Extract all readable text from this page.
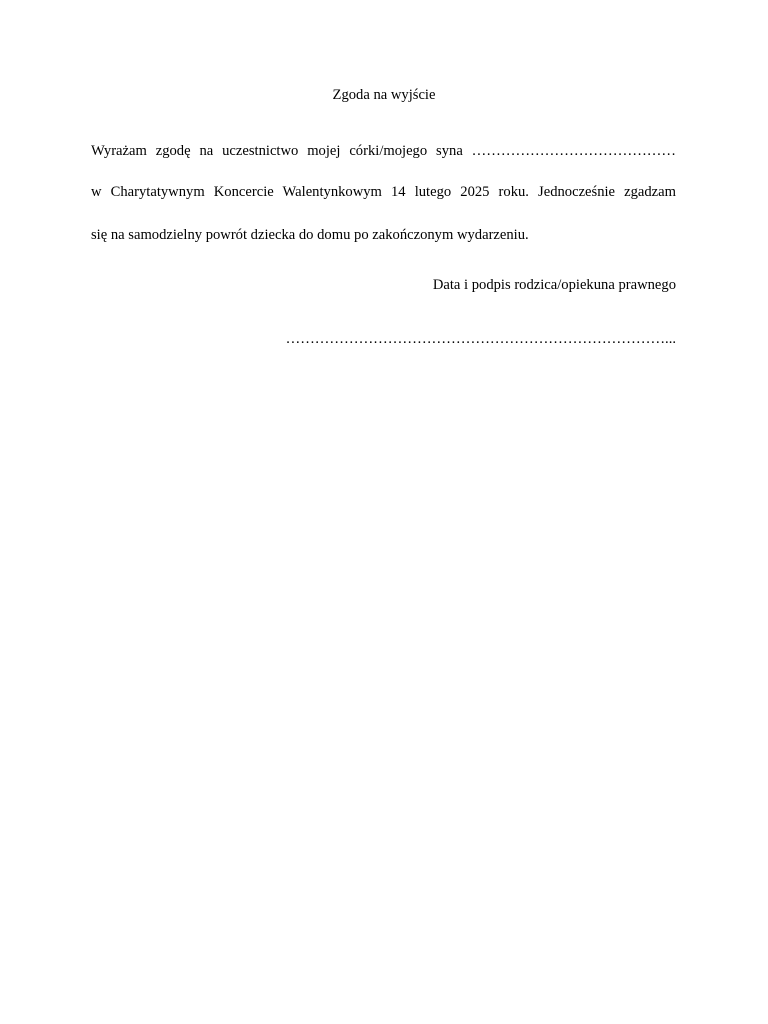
Zgoda na wyjście
Wyrażam zgodę na uczestnictwo mojej córki/mojego syna ……………………………………
w Charytatywnym Koncercie Walentynkowym 14 lutego 2025 roku. Jednocześnie zgadzam
się na samodzielny powrót dziecka do domu po zakończonym wydarzeniu.
Data i podpis rodzica/opiekuna prawnego
……………………………………………………………………...
